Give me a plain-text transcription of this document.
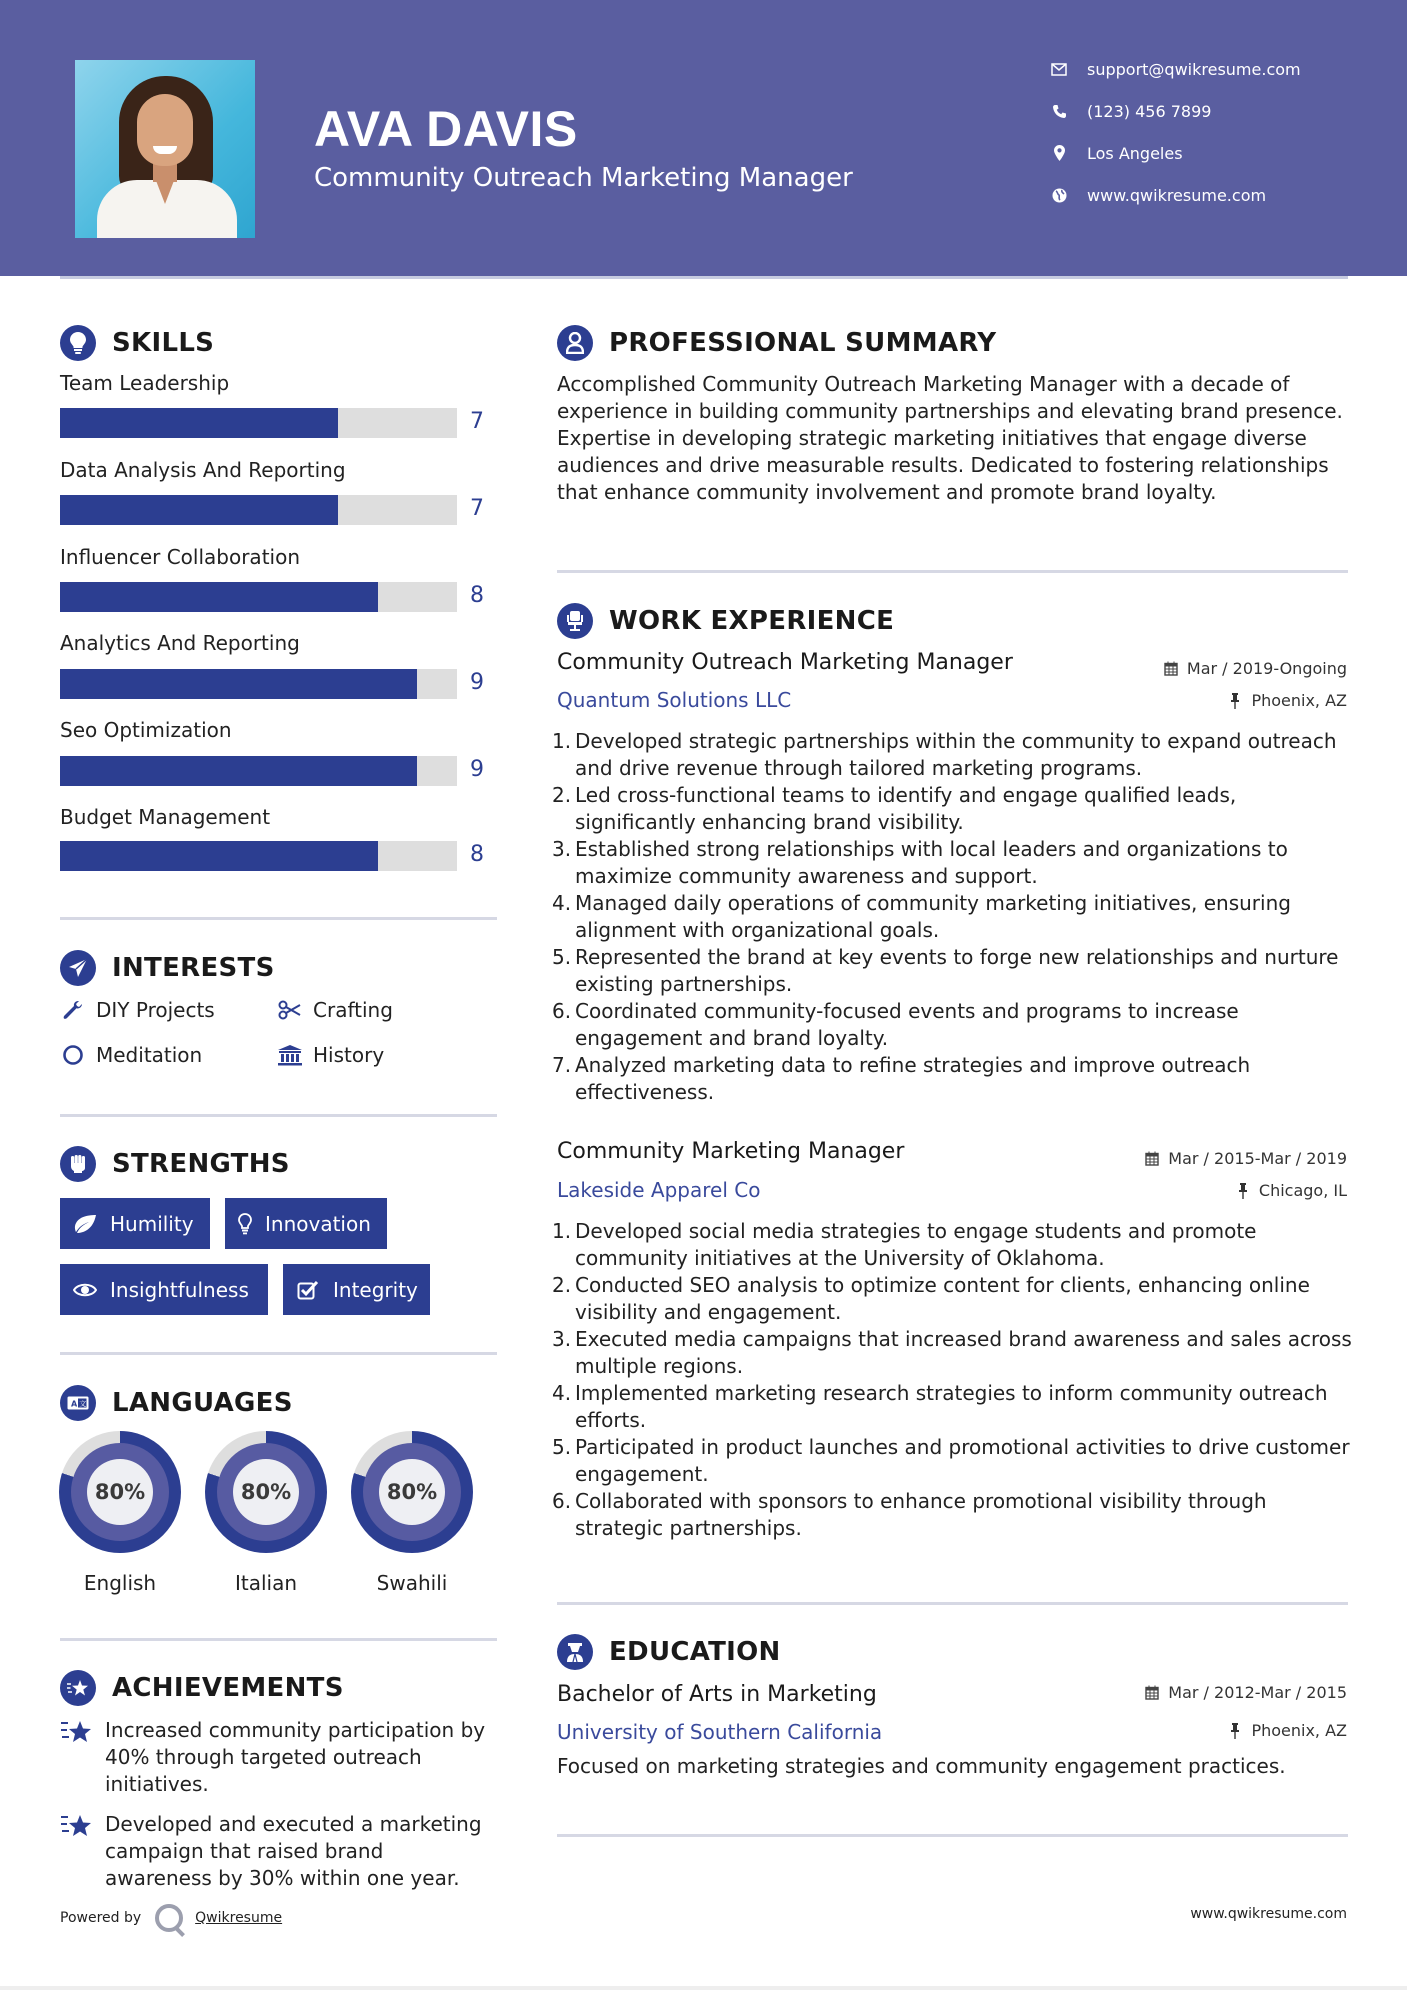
AVA DAVIS
Community Outreach Marketing Manager
support@qwikresume.com
(123) 456 7899
Los Angeles
www.qwikresume.com
SKILLS
Team Leadership
7
Data Analysis And Reporting
7
Influencer Collaboration
8
Analytics And Reporting
9
Seo Optimization
9
Budget Management
8
INTERESTS
DIY Projects	Crafting
Meditation	History
STRENGTHS
Humility	Innovation
Insightfulness	Integrity
A 文 LANGUAGES
80%
English
80%
Italian
80%
Swahili
ACHIEVEMENTS
Increased community participation by 40% through targeted outreach initiatives.
Developed and executed a marketing campaign that raised brand awareness by 30% within one year.
PROFESSIONAL SUMMARY
Accomplished Community Outreach Marketing Manager with a decade of experience in building community partnerships and elevating brand presence. Expertise in developing strategic marketing initiatives that engage diverse audiences and drive measurable results. Dedicated to fostering relationships that enhance community involvement and promote brand loyalty.
WORK EXPERIENCE
Community Outreach Marketing Manager	Mar / 2019-Ongoing
Quantum Solutions LLC	Phoenix, AZ
1. Developed strategic partnerships within the community to expand outreach and drive revenue through tailored marketing programs.
2. Led cross-functional teams to identify and engage qualified leads, significantly enhancing brand visibility.
3. Established strong relationships with local leaders and organizations to maximize community awareness and support.
4. Managed daily operations of community marketing initiatives, ensuring alignment with organizational goals.
5. Represented the brand at key events to forge new relationships and nurture existing partnerships.
6. Coordinated community-focused events and programs to increase engagement and brand loyalty.
7. Analyzed marketing data to refine strategies and improve outreach effectiveness.
Community Marketing Manager	Mar / 2015-Mar / 2019
Lakeside Apparel Co	Chicago, IL
1. Developed social media strategies to engage students and promote community initiatives at the University of Oklahoma.
2. Conducted SEO analysis to optimize content for clients, enhancing online visibility and engagement.
3. Executed media campaigns that increased brand awareness and sales across multiple regions.
4. Implemented marketing research strategies to inform community outreach efforts.
5. Participated in product launches and promotional activities to drive customer engagement.
6. Collaborated with sponsors to enhance promotional visibility through strategic partnerships.
EDUCATION
Bachelor of Arts in Marketing	Mar / 2012-Mar / 2015
University of Southern California	Phoenix, AZ
Focused on marketing strategies and community engagement practices.
Powered by	Qwikresume	www.qwikresume.com
